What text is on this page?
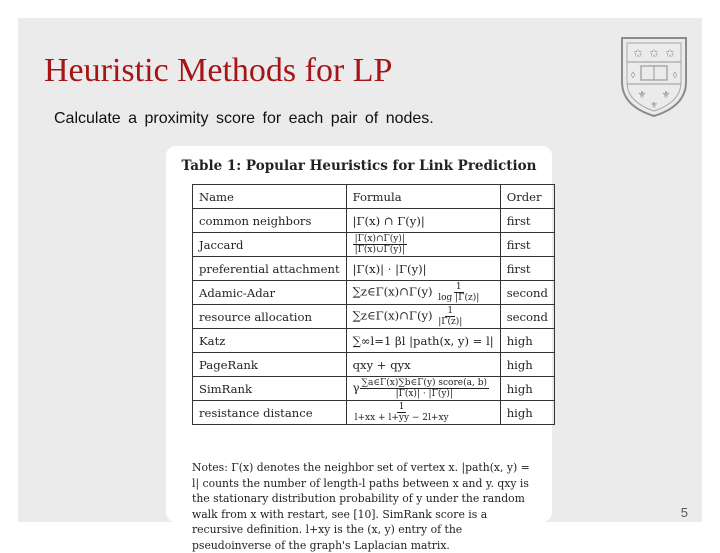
Heuristic Methods for LP	✩ ✩ ✩
◊	◊
⚜ ⚜
⚜
Calculate a proximity score for each pair of nodes.
Table 1: Popular Heuristics for Link Prediction
Name	Formula	Order
common neighbors	|Γ(x) ∩ Γ(y)|	first
Jaccard	$\frac{|\Gamma(x)\cap\Gamma(y)|}{|\Gamma(x)\cup\Gamma(y)|}$	first
preferential attachment	|Γ(x)| · |Γ(y)|	first
Adamic-Adar	∑z∈Γ(x)∩Γ(y) $\frac{1}{\log |\Gamma(z)|}$	second
resource allocation	∑z∈Γ(x)∩Γ(y) $\frac{1}{|\Gamma(z)|}$	second
Katz	∑∞l=1 βl |path(x, y) = l|	high
PageRank	qxy + qyx	high
SimRank	γ $\frac{\text{∑a∈Γ(x)∑b∈Γ(y) score(a, b)}}{|\Gamma(x)| \cdot |\Gamma(y)|}$	high
resistance distance	$\frac{1}{l+xx + l+yy - 2l+xy}$	high
Notes: Γ(x) denotes the neighbor set of vertex x. |path(x, y) = l| counts the number of length-l paths between x and y. qxy is the stationary distribution probability of y under the random walk from x with restart, see [10]. SimRank score is a recursive definition. l+xy is the (x, y) entry of the pseudoinverse of the graph's Laplacian matrix.
5
